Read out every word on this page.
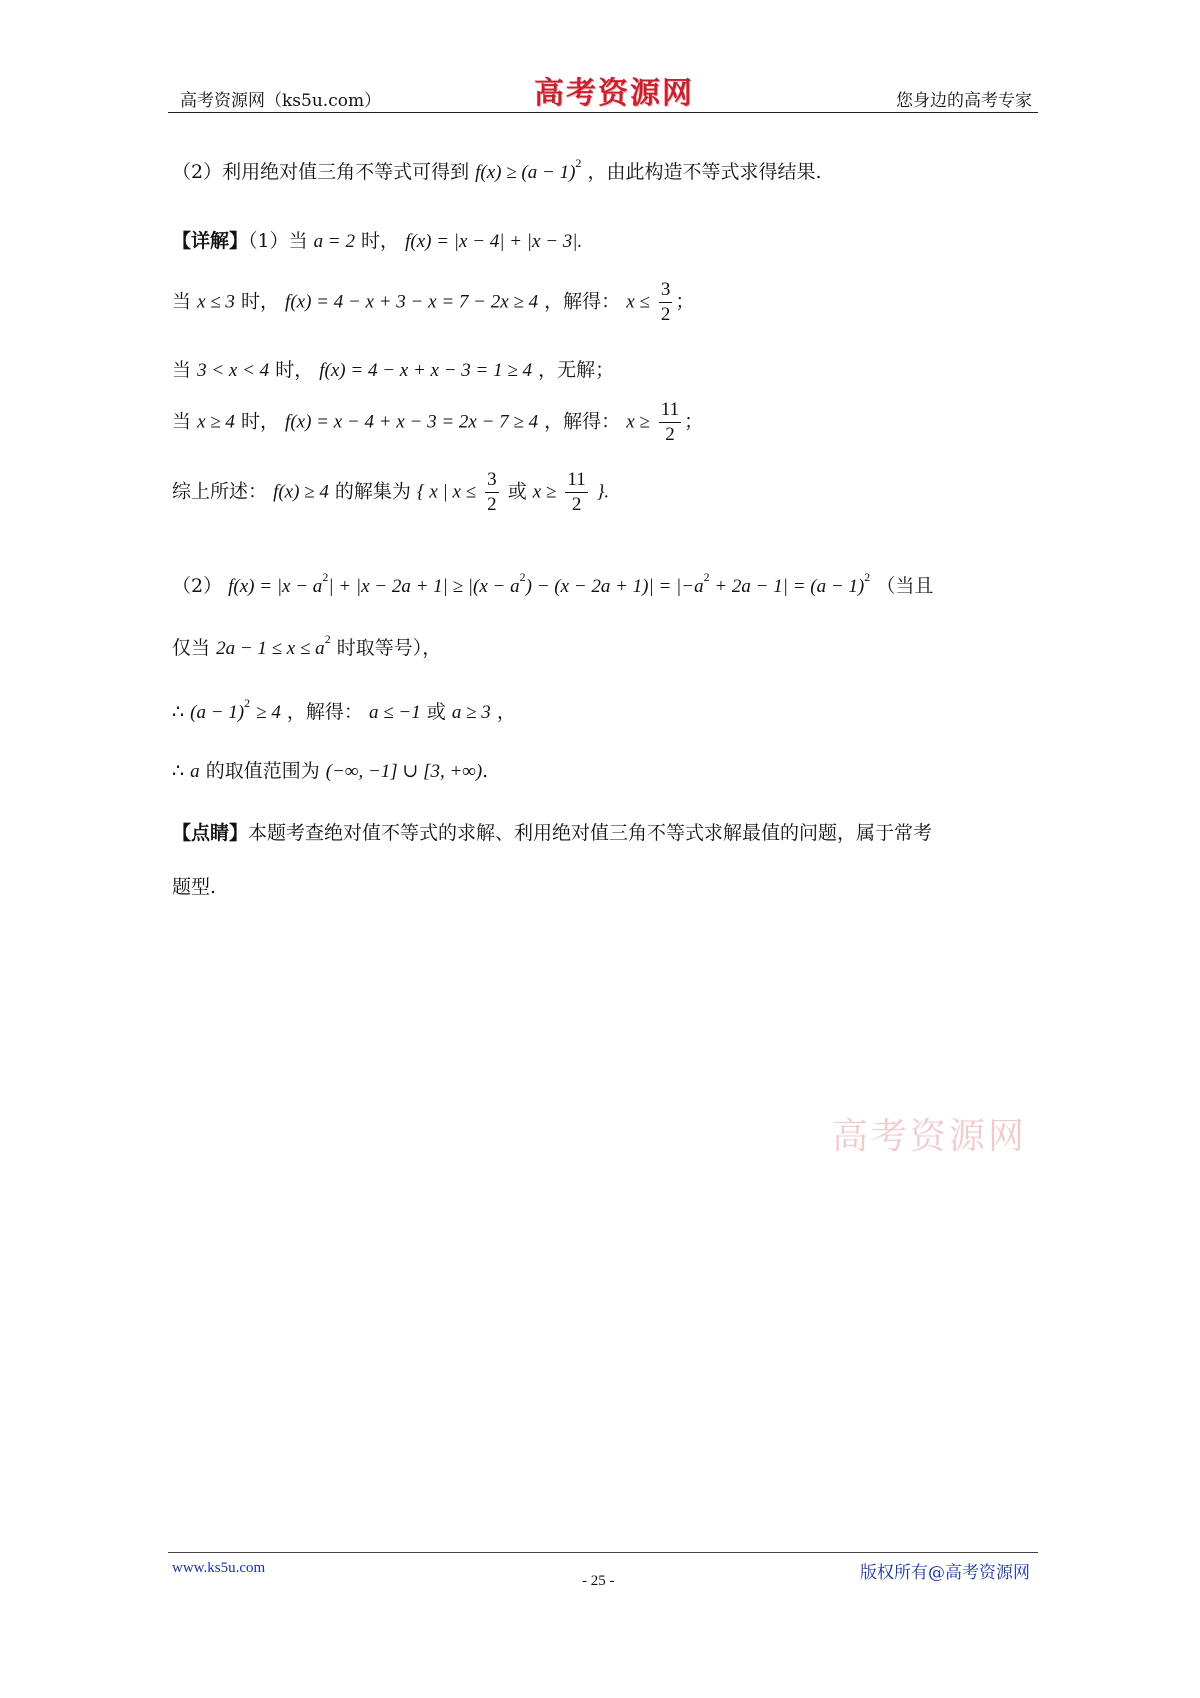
高考资源网（ks5u.com）	高考资源网	您身边的高考专家
（2）利用绝对值三角不等式可得到 $f(x) \ge (a - 1)^2$ ，由此构造不等式求得结果.
【详解】（1）当 a = 2 时， f(x) = |x − 4| + |x − 3|.
当 x ≤ 3 时， f(x) = 4 − x + 3 − x = 7 − 2x ≥ 4 ，解得： $x \le \frac{3}{2}$ ；
当 3 < x < 4 时， f(x) = 4 − x + x − 3 = 1 ≥ 4 ，无解；
当 x ≥ 4 时， f(x) = x − 4 + x − 3 = 2x − 7 ≥ 4 ，解得： $x \ge \frac{11}{2}$ ；
综上所述： f(x) ≥ 4 的解集为 { x | $x \le \frac{3}{2}$ 或 $x \ge \frac{11}{2}$ }.
（2） $f(x) = |x - a^2| + |x - 2a + 1| \ge |(x - a^2) - (x - 2a + 1)| = |-a^2 + 2a - 1| = (a - 1)^2$ （当且
仅当 $2a - 1 \le x \le a^2$ 时取等号），
∴ $(a - 1)^2 \ge 4$ ，解得： a ≤ −1 或 a ≥ 3 ，
∴ a 的取值范围为 (−∞, −1] ∪ [3, +∞).
【点睛】本题考查绝对值不等式的求解、利用绝对值三角不等式求解最值的问题，属于常考
题型.
高考资源网
www.ks5u.com	版权所有@高考资源网
- 25 -
